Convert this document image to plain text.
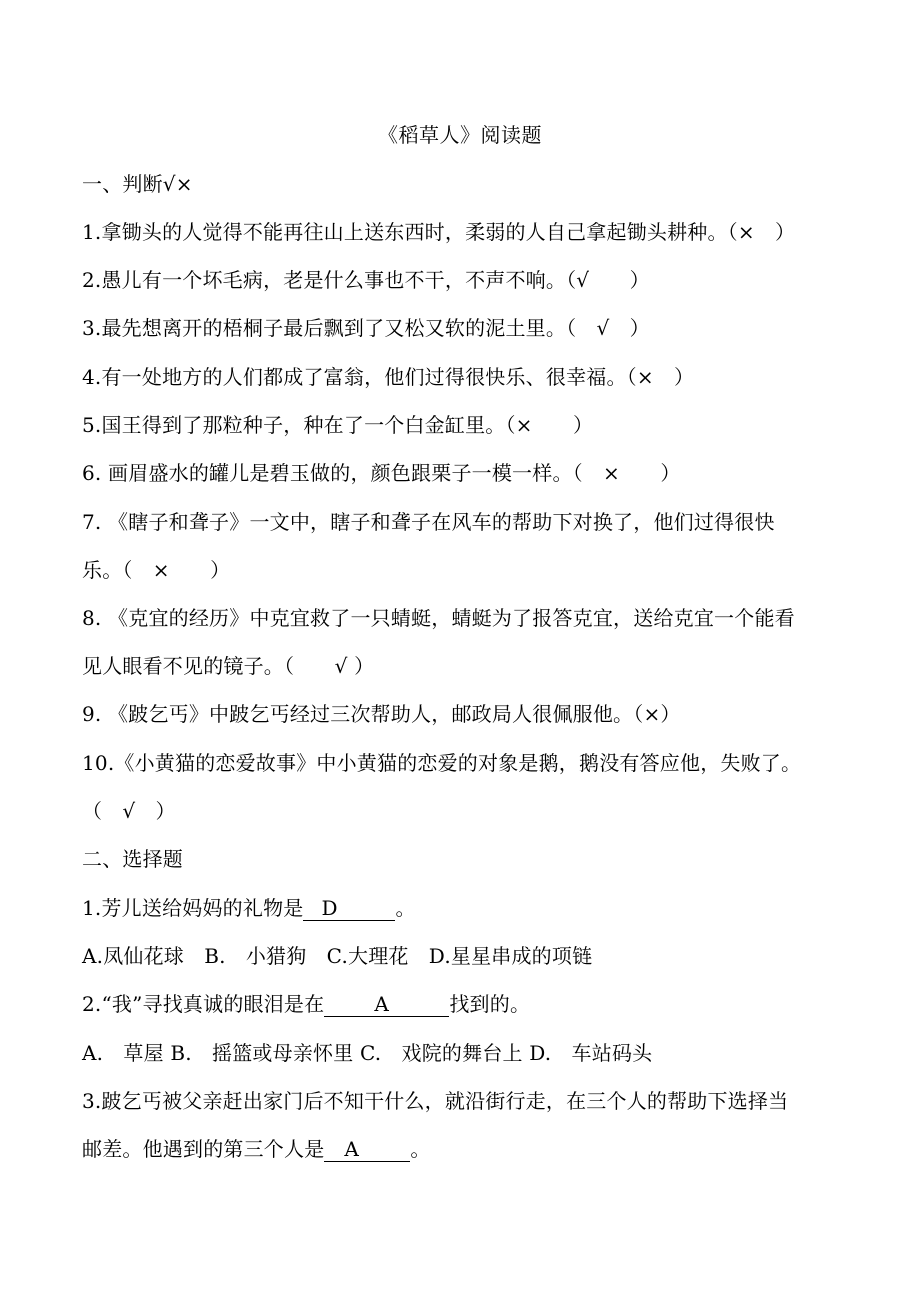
《稻草人》阅读题
一、判断√×
1.拿锄头的人觉得不能再往山上送东西时，柔弱的人自己拿起锄头耕种。（×　）
2.愚儿有一个坏毛病，老是什么事也不干，不声不响。（√　　）
3.最先想离开的梧桐子最后飘到了又松又软的泥土里。（　√　）
4.有一处地方的人们都成了富翁，他们过得很快乐、很幸福。（×　）
5.国王得到了那粒种子，种在了一个白金缸里。（×　　）
6. 画眉盛水的罐儿是碧玉做的，颜色跟栗子一模一样。（　×　　）
7. 《瞎子和聋子》一文中，瞎子和聋子在风车的帮助下对换了，他们过得很快
乐。（　×　　）
8. 《克宜的经历》中克宜救了一只蜻蜓，蜻蜓为了报答克宜，送给克宜一个能看
见人眼看不见的镜子。（　　√ ）
9. 《跛乞丐》中跛乞丐经过三次帮助人，邮政局人很佩服他。（×）
10.《小黄猫的恋爱故事》中小黄猫的恋爱的对象是鹅，鹅没有答应他，失败了。
（　√　）
二、选择题
1.芳儿送给妈妈的礼物是 D	。
A.凤仙花球　B.　小猎狗　C.大理花　D.星星串成的项链
2.“我”寻找真诚的眼泪是在	A	找到的。
A.　草屋 B.　摇篮或母亲怀里 C.　戏院的舞台上 D.　车站码头
3.跛乞丐被父亲赶出家门后不知干什么，就沿街行走，在三个人的帮助下选择当
邮差。他遇到的第三个人是 A	。
